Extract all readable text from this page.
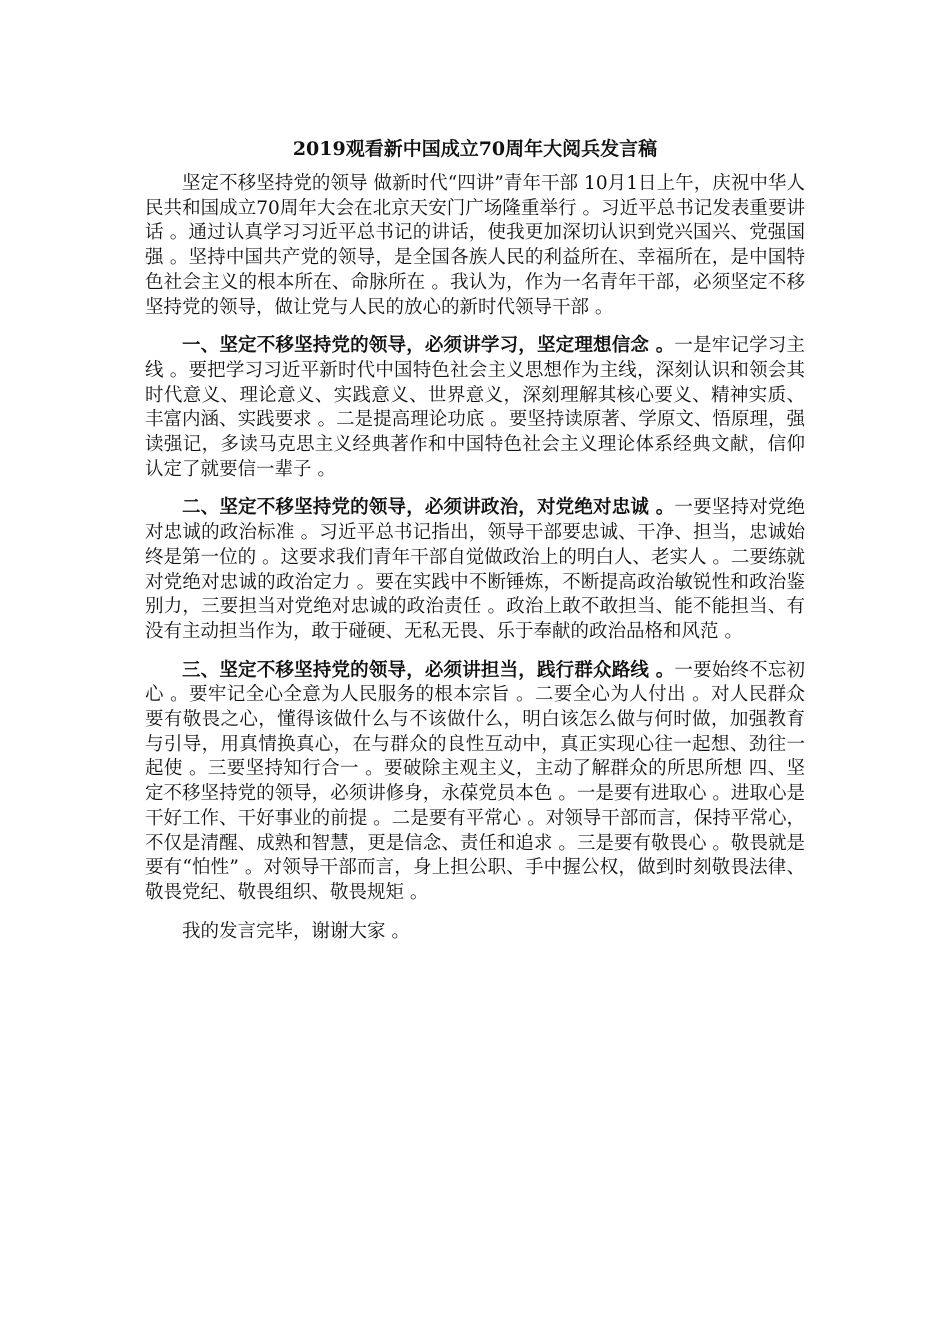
2019观看新中国成立70周年大阅兵发言稿

坚定不移坚持党的领导 做新时代“四讲”青年干部 10月1日上午，庆祝中华人民共和国成立70周年大会在北京天安门广场隆重举行 。习近平总书记发表重要讲话 。通过认真学习习近平总书记的讲话，使我更加深切认识到党兴国兴、党强国强 。坚持中国共产党的领导，是全国各族人民的利益所在、幸福所在，是中国特色社会主义的根本所在、命脉所在 。我认为，作为一名青年干部，必须坚定不移坚持党的领导，做让党与人民的放心的新时代领导干部 。

一、坚定不移坚持党的领导，必须讲学习，坚定理想信念 。一是牢记学习主线 。要把学习习近平新时代中国特色社会主义思想作为主线，深刻认识和领会其时代意义、理论意义、实践意义、世界意义，深刻理解其核心要义、精神实质、丰富内涵、实践要求 。二是提高理论功底 。要坚持读原著、学原文、悟原理，强读强记，多读马克思主义经典著作和中国特色社会主义理论体系经典文献，信仰认定了就要信一辈子 。

二、坚定不移坚持党的领导，必须讲政治，对党绝对忠诚 。一要坚持对党绝对忠诚的政治标准 。习近平总书记指出，领导干部要忠诚、干净、担当，忠诚始终是第一位的 。这要求我们青年干部自觉做政治上的明白人、老实人 。二要练就对党绝对忠诚的政治定力 。要在实践中不断锤炼，不断提高政治敏锐性和政治鉴别力，三要担当对党绝对忠诚的政治责任 。政治上敢不敢担当、能不能担当、有没有主动担当作为，敢于碰硬、无私无畏、乐于奉献的政治品格和风范 。

三、坚定不移坚持党的领导，必须讲担当，践行群众路线 。一要始终不忘初心 。要牢记全心全意为人民服务的根本宗旨 。二要全心为人付出 。对人民群众要有敬畏之心，懂得该做什么与不该做什么，明白该怎么做与何时做，加强教育与引导，用真情换真心，在与群众的良性互动中，真正实现心往一起想、劲往一起使 。三要坚持知行合一 。要破除主观主义，主动了解群众的所思所想 四、坚定不移坚持党的领导，必须讲修身，永葆党员本色 。一是要有进取心 。进取心是干好工作、干好事业的前提 。二是要有平常心 。对领导干部而言，保持平常心，不仅是清醒、成熟和智慧，更是信念、责任和追求 。三是要有敬畏心 。敬畏就是要有“怕性” 。对领导干部而言，身上担公职、手中握公权，做到时刻敬畏法律、敬畏党纪、敬畏组织、敬畏规矩 。

我的发言完毕，谢谢大家 。
